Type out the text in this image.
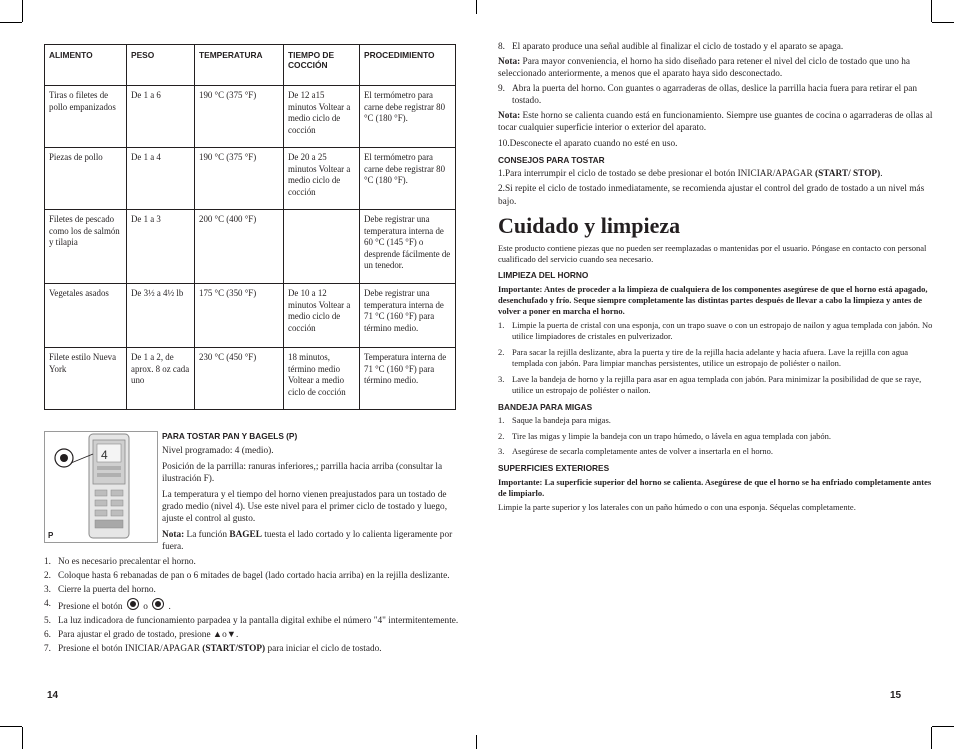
ALIMENTO	PESO	TEMPERATURA	TIEMPO DE COCCIÓN	PROCEDIMIENTO
Tiras o filetes de pollo empanizados	De 1 a 6	190 °C (375 °F)	De 12 a15 minutos Voltear a medio ciclo de cocción	El termómetro para carne debe registrar 80 °C (180 °F).
Piezas de pollo	De 1 a 4	190 °C (375 °F)	De 20 a 25 minutos Voltear a medio ciclo de cocción	El termómetro para carne debe registrar 80 °C (180 °F).
Filetes de pescado como los de salmón y tilapia	De 1 a 3	200 °C (400 °F)		Debe registrar una temperatura interna de 60 °C (145 °F) o desprende fácilmente de un tenedor.
Vegetales asados	De 3½ a 4½ lb	175 °C (350 °F)	De 10 a 12 minutos Voltear a medio ciclo de cocción	Debe registrar una temperatura interna de 71 °C (160 °F) para término medio.
Filete estilo Nueva York	De 1 a 2, de aprox. 8 oz cada uno	230 °C (450 °F)	18 minutos, término medio Voltear a medio ciclo de cocción	Temperatura interna de 71 °C (160 °F) para término medio.
4
P

PARA TOSTAR PAN Y BAGELS (P)

Nivel programado: 4 (medio).

Posición de la parrilla: ranuras inferiores,; parrilla hacia arriba (consultar la ilustración F).

La temperatura y el tiempo del horno vienen preajustados para un tostado de grado medio (nivel 4). Use este nivel para el primer ciclo de tostado y luego, ajuste el control al gusto.

Nota: La función BAGEL tuesta el lado cortado y lo calienta ligeramente por fuera.

1. No es necesario precalentar el horno.
2. Coloque hasta 6 rebanadas de pan o 6 mitades de bagel (lado cortado hacia arriba) en la rejilla deslizante.
3. Cierre la puerta del horno.
4. Presione el botón o .
5. La luz indicadora de funcionamiento parpadea y la pantalla digital exhibe el número "4" intermitentemente.
6. Para ajustar el grado de tostado, presione ▲o▼.
7. Presione el botón INICIAR/APAGAR (START/STOP) para iniciar el ciclo de tostado.
14
8. El aparato produce una señal audible al finalizar el ciclo de tostado y el aparato se apaga.

Nota: Para mayor conveniencia, el horno ha sido diseñado para retener el nivel del ciclo de tostado que uno ha seleccionado anteriormente, a menos que el aparato haya sido desconectado.

9. Abra la puerta del horno. Con guantes o agarraderas de ollas, deslice la parrilla hacia fuera para retirar el pan tostado.

Nota: Este horno se calienta cuando está en funcionamiento. Siempre use guantes de cocina o agarraderas de ollas al tocar cualquier superficie interior o exterior del aparato.

10.Desconecte el aparato cuando no esté en uso.

CONSEJOS PARA TOSTAR

1.Para interrumpir el ciclo de tostado se debe presionar el botón INICIAR/APAGAR (START/ STOP).
2.Si repite el ciclo de tostado inmediatamente, se recomienda ajustar el control del grado de tostado a un nivel más bajo.
Cuidado y limpieza

Este producto contiene piezas que no pueden ser reemplazadas o mantenidas por el usuario. Póngase en contacto con personal cualificado del servicio cuando sea necesario.

LIMPIEZA DEL HORNO

Importante: Antes de proceder a la limpieza de cualquiera de los componentes asegúrese de que el horno está apagado, desenchufado y frío. Seque siempre completamente las distintas partes después de llevar a cabo la limpieza y antes de volver a poner en marcha el horno.

1. Limpie la puerta de cristal con una esponja, con un trapo suave o con un estropajo de nailon y agua templada con jabón. No utilice limpiadores de cristales en pulverizador.
2. Para sacar la rejilla deslizante, abra la puerta y tire de la rejilla hacia adelante y hacia afuera. Lave la rejilla con agua templada con jabón. Para limpiar manchas persistentes, utilice un estropajo de poliéster o nailon.
3. Lave la bandeja de horno y la rejilla para asar en agua templada con jabón. Para minimizar la posibilidad de que se raye, utilice un estropajo de poliéster o nailon.

BANDEJA PARA MIGAS

1. Saque la bandeja para migas.
2. Tire las migas y limpie la bandeja con un trapo húmedo, o lávela en agua templada con jabón.
3. Asegúrese de secarla completamente antes de volver a insertarla en el horno.

SUPERFICIES EXTERIORES

Importante: La superficie superior del horno se calienta. Asegúrese de que el horno se ha enfriado completamente antes de limpiarlo.

Limpie la parte superior y los laterales con un paño húmedo o con una esponja. Séquelas completamente.

15
